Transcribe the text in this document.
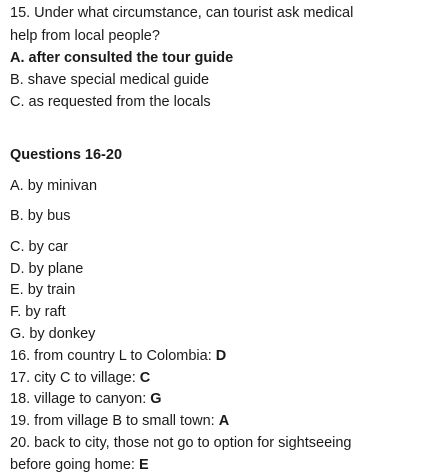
15. Under what circumstance, can tourist ask medical
help from local people?
A. after consulted the tour guide
B. shave special medical guide
C. as requested from the locals
Questions 16-20
A. by minivan
B. by bus
C. by car
D. by plane
E. by train
F. by raft
G. by donkey
16. from country L to Colombia: D
17. city C to village: C
18. village to canyon: G
19. from village B to small town: A
20. back to city, those not go to option for sightseeing
before going home: E
